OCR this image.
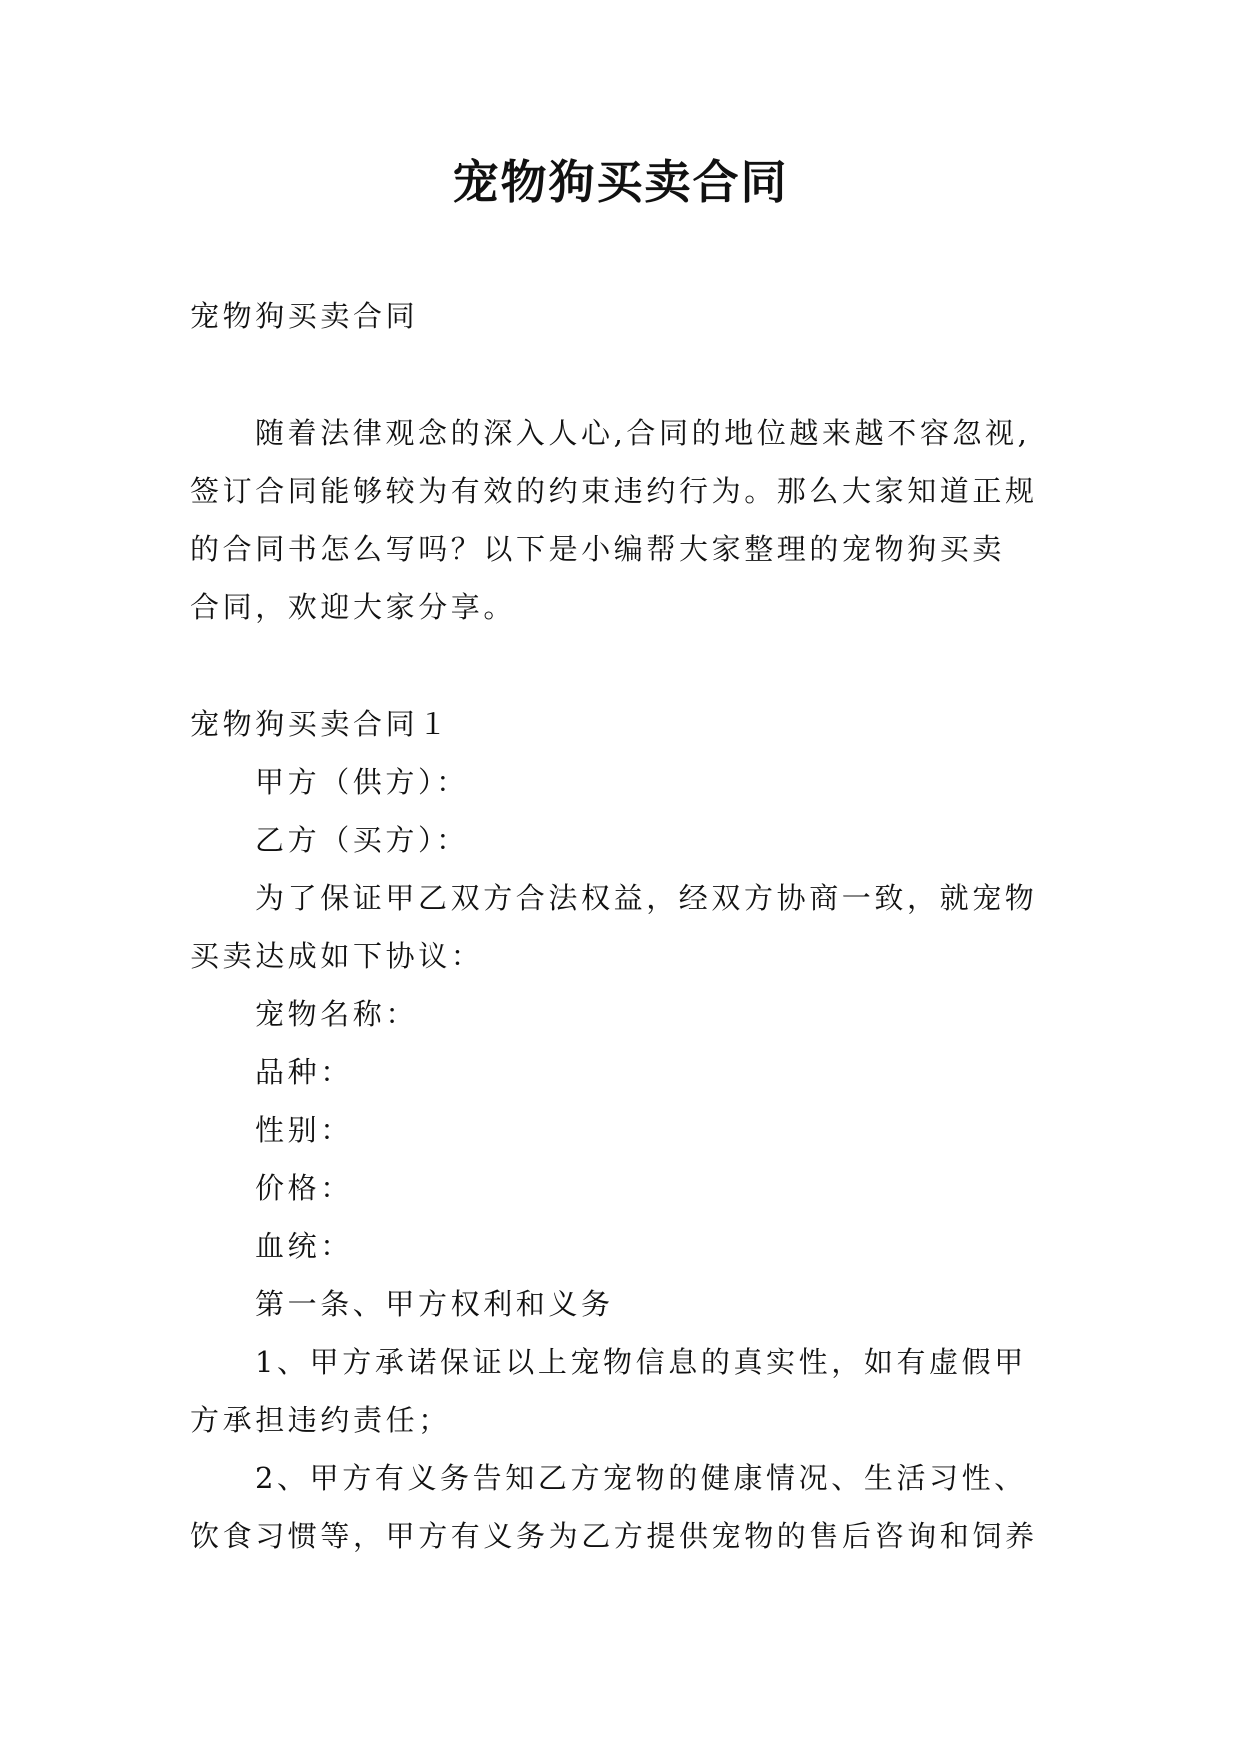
宠物狗买卖合同
宠物狗买卖合同
随着法律观念的深入人心,合同的地位越来越不容忽视,
签订合同能够较为有效的约束违约行为。那么大家知道正规
的合同书怎么写吗？以下是小编帮大家整理的宠物狗买卖
合同，欢迎大家分享。
宠物狗买卖合同１
甲方（供方）：
乙方（买方）：
为了保证甲乙双方合法权益，经双方协商一致，就宠物
买卖达成如下协议：
宠物名称：
品种：
性别：
价格：
血统：
第一条、甲方权利和义务
1、甲方承诺保证以上宠物信息的真实性，如有虚假甲
方承担违约责任；
2、甲方有义务告知乙方宠物的健康情况、生活习性、
饮食习惯等，甲方有义务为乙方提供宠物的售后咨询和饲养
